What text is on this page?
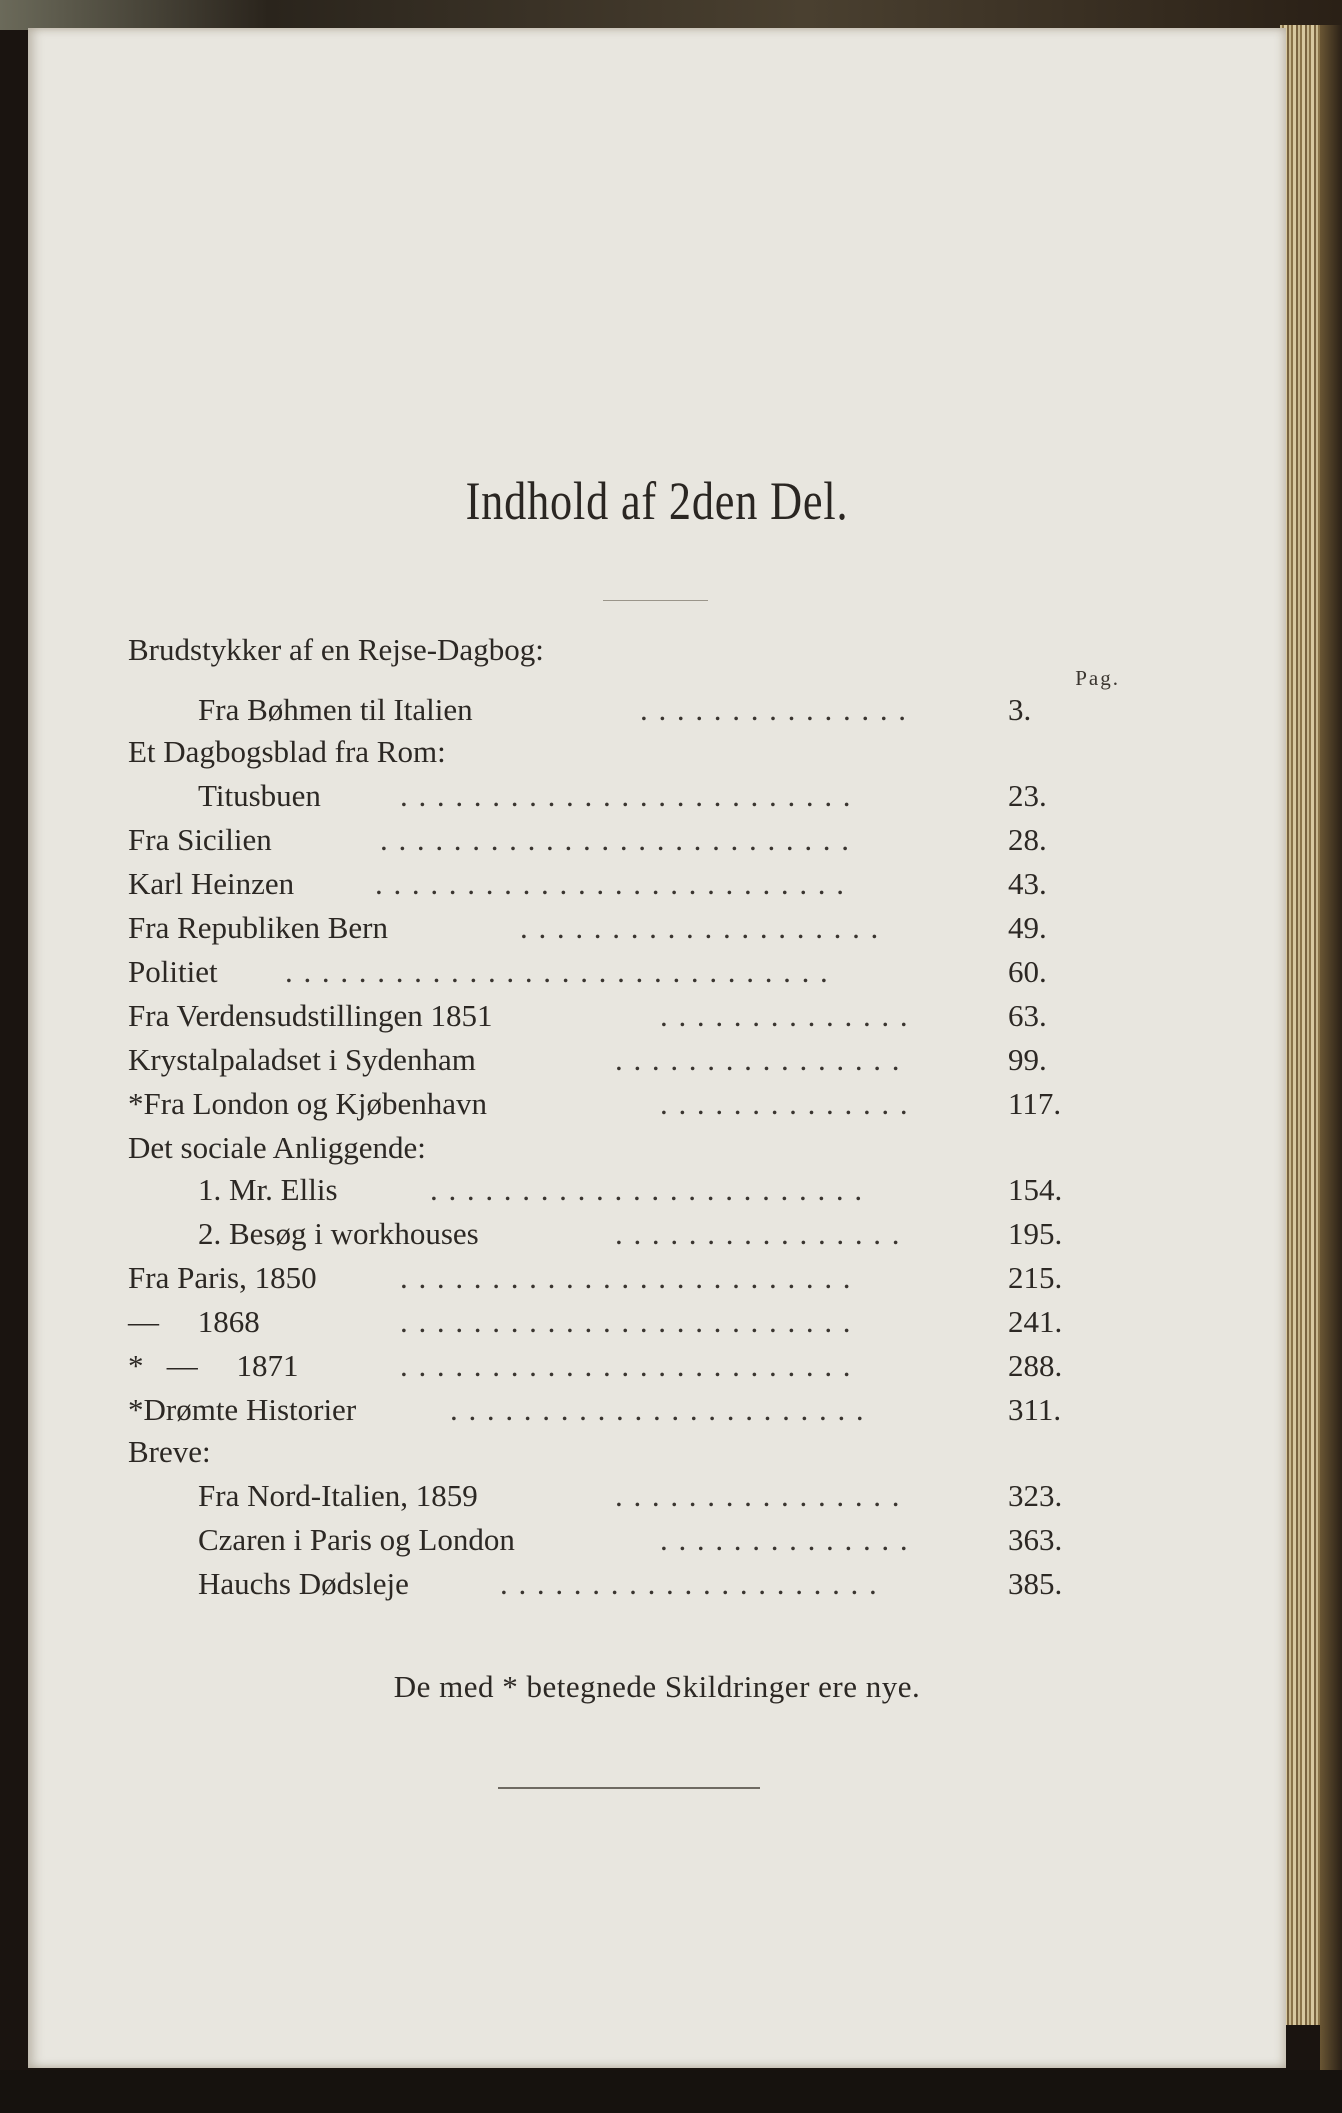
Indhold af 2den Del.
Pag.
Brudstykker af en Rejse-Dagbog:
Fra Bøhmen til Italien	...............	3.
Et Dagbogsblad fra Rom:
Titusbuen	.........................	23.
Fra Sicilien	..........................	28.
Karl Heinzen	..........................	43.
Fra Republiken Bern	....................	49.
Politiet ..............................	60.
Fra Verdensudstillingen 1851	..............	63.
Krystalpaladset i Sydenham	................	99.
*Fra London og Kjøbenhavn	..............	117.
Det sociale Anliggende:
1. Mr. Ellis	........................	154.
2. Besøg i workhouses	................	195.
Fra Paris, 1850	.........................	215.
—     1868	.........................	241.
*   —     1871	.........................	288.
*Drømte Historier	.......................	311.
Breve:
Fra Nord-Italien, 1859	................	323.
Czaren i Paris og London	..............	363.
Hauchs Dødsleje	.....................	385.
De med * betegnede Skildringer ere nye.
